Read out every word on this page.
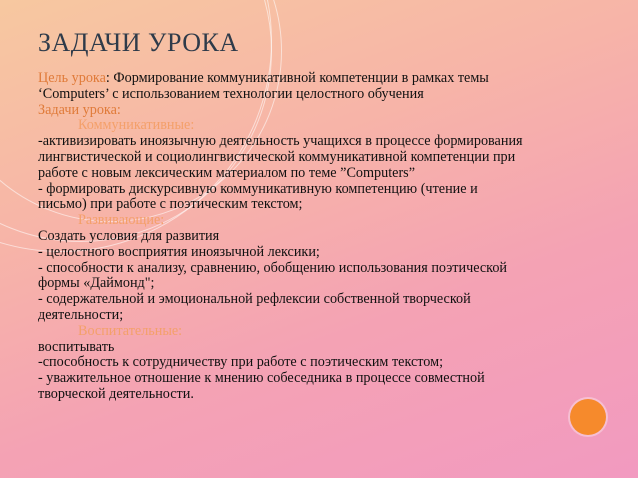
ЗАДАЧИ УРОКА
Цель урока: Формирование коммуникативной компетенции в рамках темы
‘Computers’ с использованием технологии целостного обучения
Задачи урока:
Коммуникативные:
-активизировать иноязычную деятельность учащихся в процессе формирования
лингвистической и социолингвистической коммуникативной компетенции при
работе с новым лексическим материалом по теме ”Computers”
- формировать дискурсивную коммуникативную компетенцию (чтение и
письмо) при работе с поэтическим текстом;
Развивающие:
Создать условия для развития
- целостного восприятия иноязычной лексики;
- способности к анализу, сравнению, обобщению использования поэтической
формы «Даймонд";
- содержательной и эмоциональной рефлексии собственной творческой
деятельности;
Воспитательные:
воспитывать
-способность к сотрудничеству при работе с поэтическим текстом;
- уважительное отношение к мнению собеседника в процессе совместной
творческой деятельности.
